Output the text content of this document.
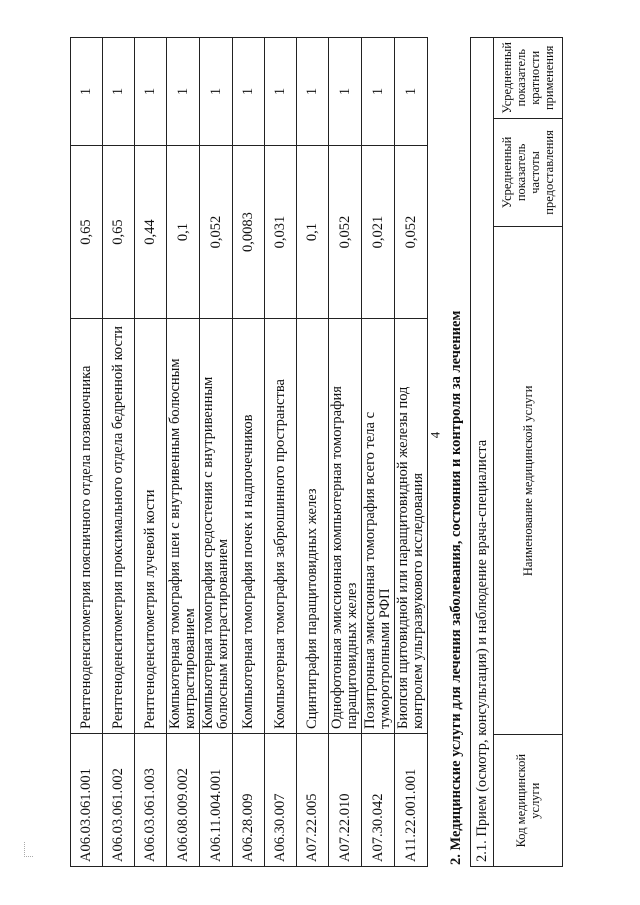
4
A06.03.061.001	Рентгеноденситометрия поясничного отдела позвоночника	0,65	1
A06.03.061.002	Рентгеноденситометрия проксимального отдела бедренной кости	0,65	1
A06.03.061.003	Рентгеноденситометрия лучевой кости	0,44	1
A06.08.009.002	Компьютерная томография шеи с внутривенным болюсным контрастированием	0,1	1
A06.11.004.001	Компьютерная томография средостения с внутривенным болюсным контрастированием	0,052	1
A06.28.009	Компьютерная томография почек и надпочечников	0,0083	1
A06.30.007	Компьютерная томография забрюшинного пространства	0,031	1
A07.22.005	Сцинтиграфия паращитовидных желез	0,1	1
A07.22.010	Однофотонная эмиссионная компьютерная томография паращитовидных желез	0,052	1
A07.30.042	Позитронная эмиссионная томография всего тела с туморотропными РФП	0,021	1
A11.22.001.001	Биопсия щитовидной или паращитовидной железы под контролем ультразвукового исследования	0,052	1
2. Медицинские услуги для лечения заболевания, состояния и контроля за лечением 2.1. Прием (осмотр, консультация) и наблюдение врача-специалиста
Код медицинской услуги	Наименование медицинской услуги	Усредненный показатель частоты предоставления	Усредненный показатель кратности применения
